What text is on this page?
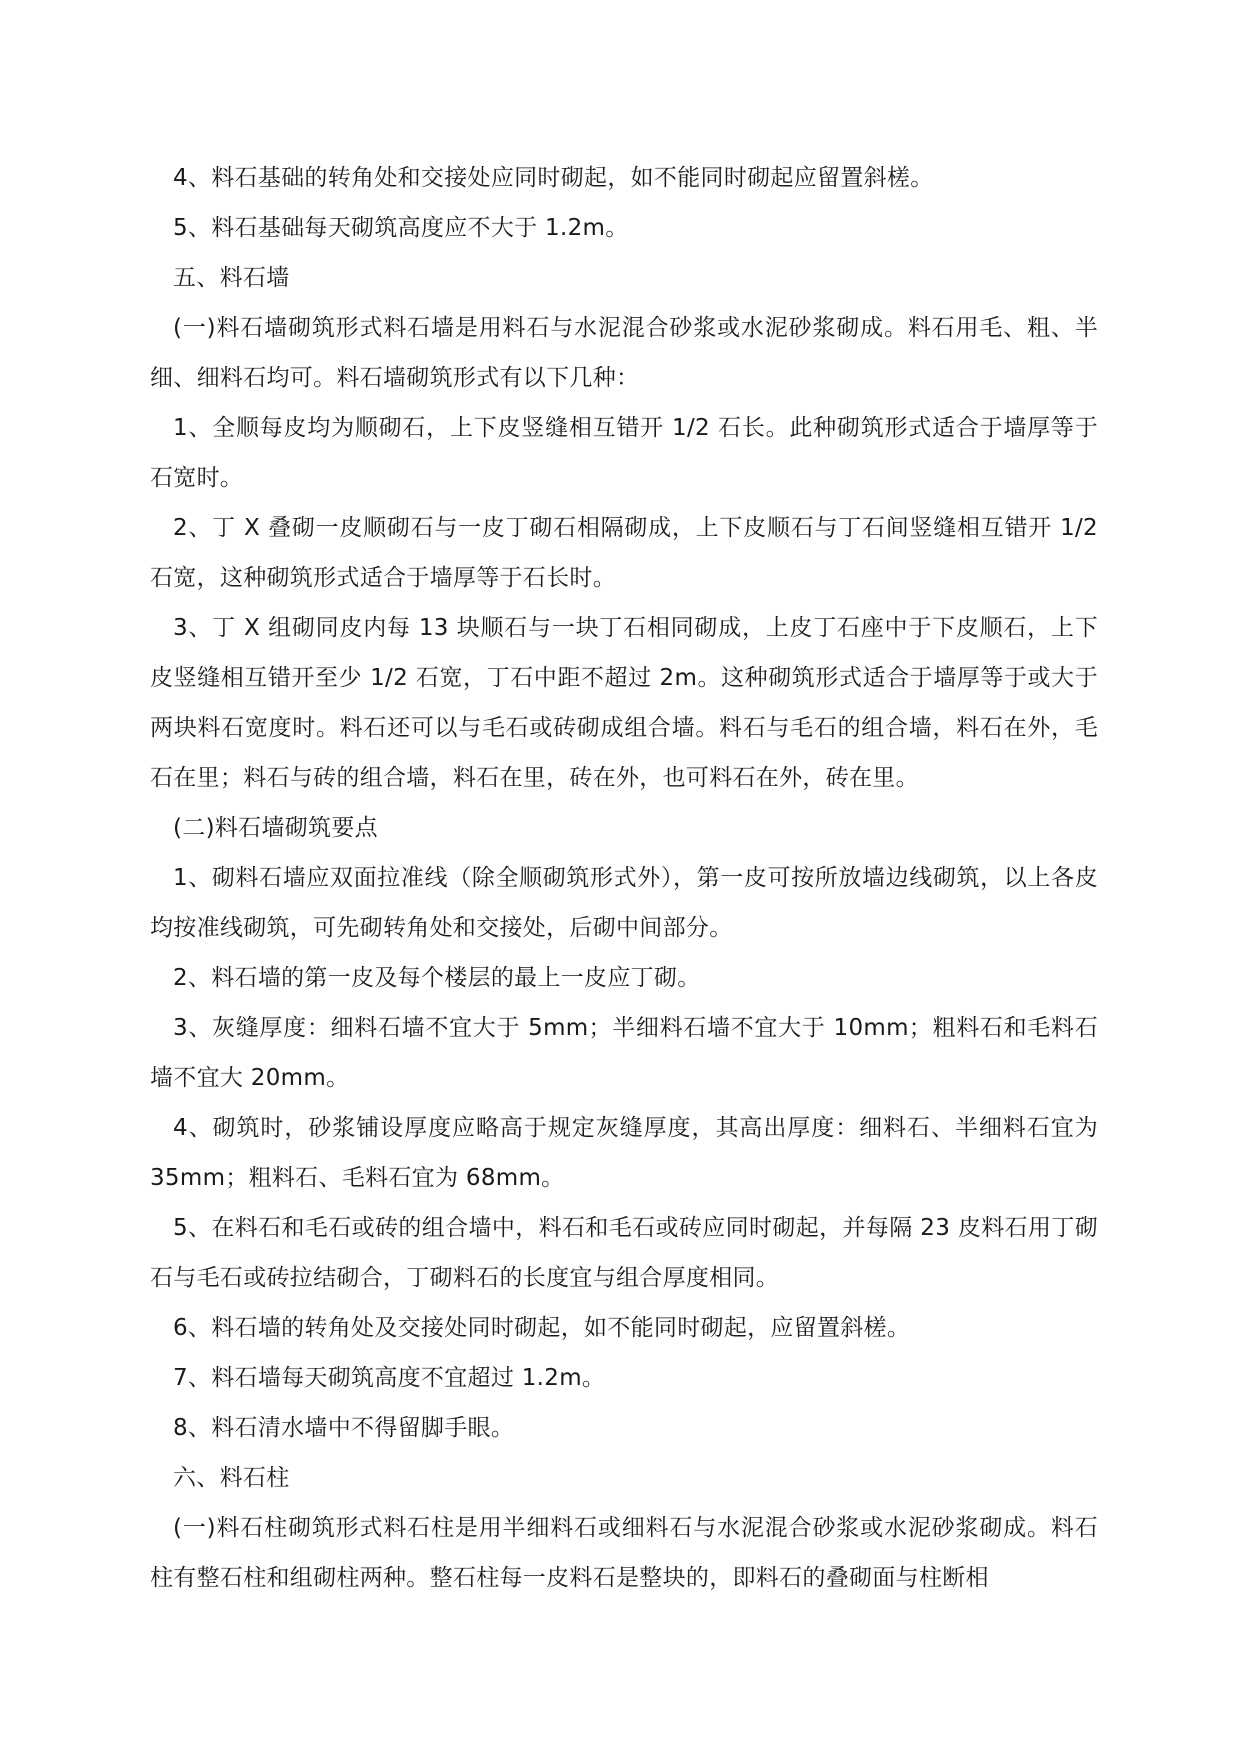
4、料石基础的转角处和交接处应同时砌起，如不能同时砌起应留置斜槎。

5、料石基础每天砌筑高度应不大于 1.2m。

五、料石墙

(一)料石墙砌筑形式料石墙是用料石与水泥混合砂浆或水泥砂浆砌成。料石用毛、粗、半细、细料石均可。料石墙砌筑形式有以下几种：

1、全顺每皮均为顺砌石，上下皮竖缝相互错开 1/2 石长。此种砌筑形式适合于墙厚等于石宽时。

2、丁 X 叠砌一皮顺砌石与一皮丁砌石相隔砌成，上下皮顺石与丁石间竖缝相互错开 1/2 石宽，这种砌筑形式适合于墙厚等于石长时。

3、丁 X 组砌同皮内每 13 块顺石与一块丁石相同砌成，上皮丁石座中于下皮顺石，上下皮竖缝相互错开至少 1/2 石宽，丁石中距不超过 2m。这种砌筑形式适合于墙厚等于或大于两块料石宽度时。料石还可以与毛石或砖砌成组合墙。料石与毛石的组合墙，料石在外，毛石在里；料石与砖的组合墙，料石在里，砖在外，也可料石在外，砖在里。

(二)料石墙砌筑要点

1、砌料石墙应双面拉准线（除全顺砌筑形式外），第一皮可按所放墙边线砌筑，以上各皮均按准线砌筑，可先砌转角处和交接处，后砌中间部分。

2、料石墙的第一皮及每个楼层的最上一皮应丁砌。

3、灰缝厚度：细料石墙不宜大于 5mm；半细料石墙不宜大于 10mm；粗料石和毛料石墙不宜大 20mm。

4、砌筑时，砂浆铺设厚度应略高于规定灰缝厚度，其高出厚度：细料石、半细料石宜为 35mm；粗料石、毛料石宜为 68mm。

5、在料石和毛石或砖的组合墙中，料石和毛石或砖应同时砌起，并每隔 23 皮料石用丁砌石与毛石或砖拉结砌合，丁砌料石的长度宜与组合厚度相同。

6、料石墙的转角处及交接处同时砌起，如不能同时砌起，应留置斜槎。

7、料石墙每天砌筑高度不宜超过 1.2m。

8、料石清水墙中不得留脚手眼。

六、料石柱

(一)料石柱砌筑形式料石柱是用半细料石或细料石与水泥混合砂浆或水泥砂浆砌成。料石柱有整石柱和组砌柱两种。整石柱每一皮料石是整块的，即料石的叠砌面与柱断相
